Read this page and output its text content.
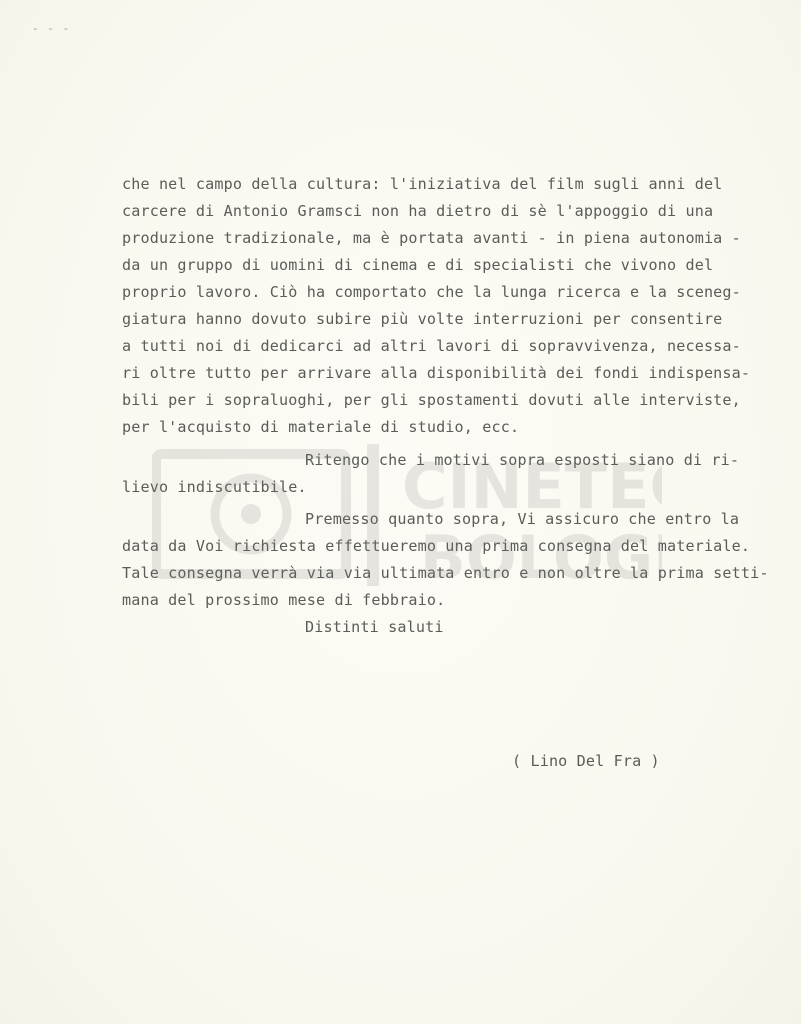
- - -
che nel campo della cultura: l'iniziativa del film sugli anni del
carcere di Antonio Gramsci non ha dietro di sè l'appoggio di una
produzione tradizionale, ma è portata avanti - in piena autonomia -
da un gruppo di uomini di cinema e di specialisti che vivono del
proprio lavoro. Ciò ha comportato che la lunga ricerca e la sceneg-
giatura hanno dovuto subire più volte interruzioni per consentire
a tutti noi di dedicarci ad altri lavori di sopravvivenza, necessa-
ri oltre tutto per arrivare alla disponibilità dei fondi indispensa-
bili per i sopraluoghi, per gli spostamenti dovuti alle interviste,
per l'acquisto di materiale di studio, ecc.
Ritengo che i motivi sopra esposti siano di ri-
lievo indiscutibile.
Premesso quanto sopra, Vi assicuro che entro la
data da Voi richiesta effettueremo una prima consegna del materiale.
Tale consegna verrà via via ultimata entro e non oltre la prima setti-
mana del prossimo mese di febbraio.
Distinti saluti
( Lino Del Fra )
CINETE
BOLOG
